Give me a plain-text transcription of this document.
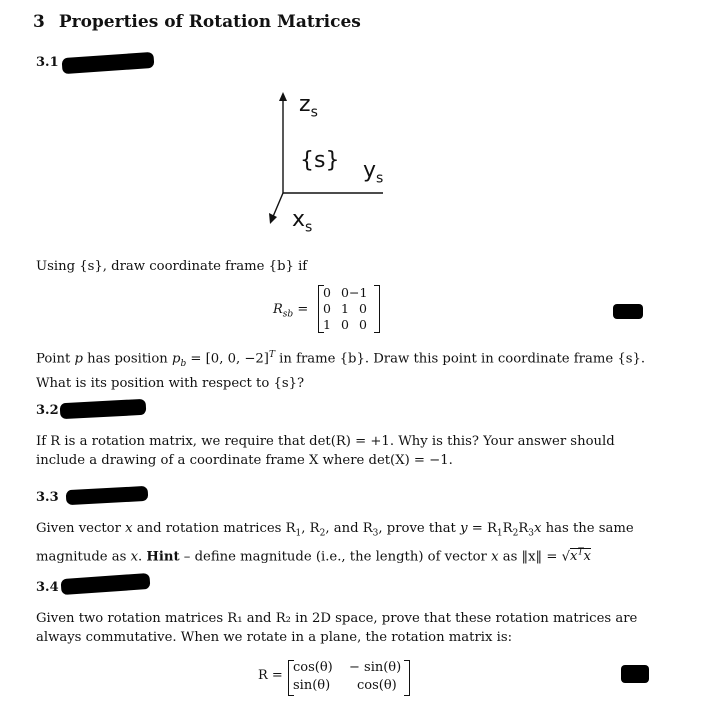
3 Properties of Rotation Matrices
3.1
$z_s$
{s} $y_s$
$x_s$
Using {s}, draw coordinate frame {b} if
$R_{sb}$ =
0 0−1
0 1 0
1 0 0
Point p has position $p_b = [0$, 0, −2]$^T$ in frame {b}. Draw this point in coordinate frame {s}.
What is its position with respect to {s}?
3.2
If R is a rotation matrix, we require that det(R) = +1. Why is this? Your answer should
include a drawing of a coordinate frame X where det(X) = −1.
3.3
Given vector x and rotation matrices $R_1$, $R_2$, and $R_3$, prove that $y = R_1R_2R_3x$ has the same
magnitude as x. Hint – define magnitude (i.e., the length) of vector x as ‖x‖ = $√x^Tx$
3.4
Given two rotation matrices R₁ and R₂ in 2D space, prove that these rotation matrices are
always commutative. When we rotate in a plane, the rotation matrix is:
R =
cos(θ) − sin(θ)
sin(θ) cos(θ)
